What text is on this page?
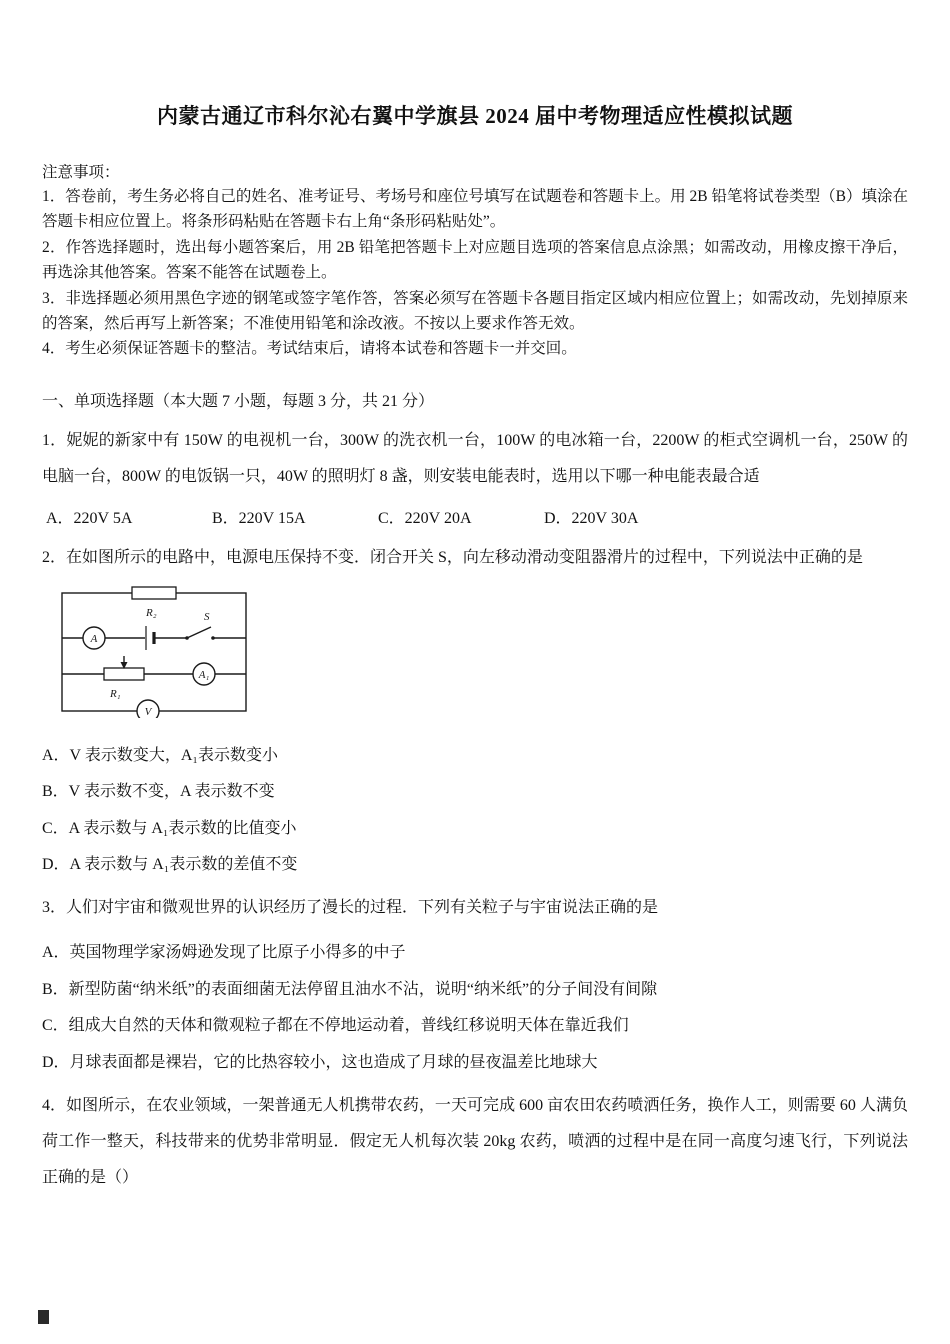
内蒙古通辽市科尔沁右翼中学旗县 2024 届中考物理适应性模拟试题

注意事项：

1．答卷前，考生务必将自己的姓名、准考证号、考场号和座位号填写在试题卷和答题卡上。用 2B 铅笔将试卷类型（B）填涂在答题卡相应位置上。将条形码粘贴在答题卡右上角“条形码粘贴处”。

2．作答选择题时，选出每小题答案后，用 2B 铅笔把答题卡上对应题目选项的答案信息点涂黑；如需改动，用橡皮擦干净后，再选涂其他答案。答案不能答在试题卷上。

3．非选择题必须用黑色字迹的钢笔或签字笔作答，答案必须写在答题卡各题目指定区域内相应位置上；如需改动，先划掉原来的答案，然后再写上新答案；不准使用铅笔和涂改液。不按以上要求作答无效。

4．考生必须保证答题卡的整洁。考试结束后，请将本试卷和答题卡一并交回。

一、单项选择题（本大题 7 小题，每题 3 分，共 21 分）

1．妮妮的新家中有 150W 的电视机一台，300W 的洗衣机一台，100W 的电冰箱一台，2200W 的柜式空调机一台，250W 的电脑一台，800W 的电饭锅一只，40W 的照明灯 8 盏，则安装电能表时，选用以下哪一种电能表最合适

A．220V 5A	B．220V 15A	C．220V 20A	D．220V 30A

2．在如图所示的电路中，电源电压保持不变．闭合开关 S，向左移动滑动变阻器滑片的过程中，下列说法中正确的是

R₂	S
A
R₁
A₁
V

A．V 表示数变大，A₁表示数变小

B．V 表示数不变，A 表示数不变

C．A 表示数与 A₁表示数的比值变小

D．A 表示数与 A₁表示数的差值不变

3．人们对宇宙和微观世界的认识经历了漫长的过程．下列有关粒子与宇宙说法正确的是

A．英国物理学家汤姆逊发现了比原子小得多的中子

B．新型防菌“纳米纸”的表面细菌无法停留且油水不沾，说明“纳米纸”的分子间没有间隙

C．组成大自然的天体和微观粒子都在不停地运动着，普线红移说明天体在靠近我们

D．月球表面都是裸岩，它的比热容较小，这也造成了月球的昼夜温差比地球大

4．如图所示，在农业领域，一架普通无人机携带农药，一天可完成 600 亩农田农药喷洒任务，换作人工，则需要 60 人满负荷工作一整天，科技带来的优势非常明显．假定无人机每次装 20kg 农药，喷洒的过程中是在同一高度匀速飞行，下列说法正确的是（）
